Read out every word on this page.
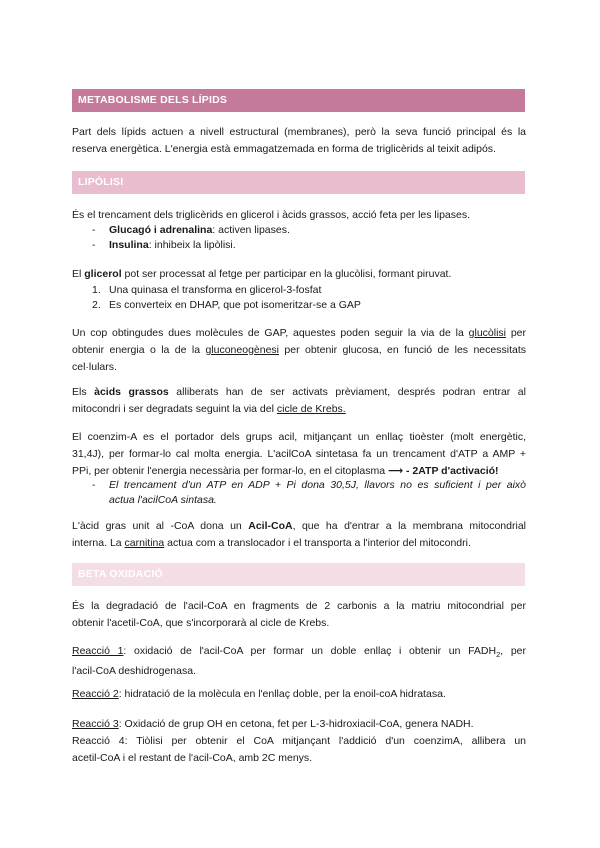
METABOLISME DELS LÍPIDS
Part dels lípids actuen a nivell estructural (membranes), però la seva funció principal és la
reserva energètica. L'energia està emmagatzemada en forma de triglicèrids al teixit adipós.
LIPÒLISI
És el trencament dels triglicèrids en glicerol i àcids grassos, acció feta per les lipases.
- Glucagó i adrenalina: activen lipases.
- Insulina: inhibeix la lipòlisi.
El glicerol pot ser processat al fetge per participar en la glucòlisi, formant piruvat.
1. Una quinasa el transforma en glicerol-3-fosfat
2. Es converteix en DHAP, que pot isomeritzar-se a GAP
Un cop obtingudes dues molècules de GAP, aquestes poden seguir la via de la glucòlisi per
obtenir energia o la de la gluconeogènesi per obtenir glucosa, en funció de les necessitats
cel·lulars.
Els àcids grassos alliberats han de ser activats prèviament, després podran entrar al
mitocondri i ser degradats seguint la via del cicle de Krebs.
El coenzim-A es el portador dels grups acil, mitjançant un enllaç tioèster (molt energètic,
31,4J), per formar-lo cal molta energia. L'acilCoA sintetasa fa un trencament d'ATP a AMP +
PPi, per obtenir l'energia necessària per formar-lo, en el citoplasma ⟶ - 2ATP d'activació!
- El trencament d'un ATP en ADP + Pi dona 30,5J, llavors no es suficient i per això
actua l'acilCoA sintasa.
L'àcid gras unit al -CoA dona un Acil-CoA, que ha d'entrar a la membrana mitocondrial
interna. La carnitina actua com a translocador i el transporta a l'interior del mitocondri.
BETA OXIDACIÓ
És la degradació de l'acil-CoA en fragments de 2 carbonis a la matriu mitocondrial per
obtenir l'acetil-CoA, que s'incorporarà al cicle de Krebs.
Reacció 1: oxidació de l'acil-CoA per formar un doble enllaç i obtenir un $FADH_2$, per
l'acil-CoA deshidrogenasa.
Reacció 2: hidratació de la molècula en l'enllaç doble, per la enoil-coA hidratasa.
Reacció 3: Oxidació de grup OH en cetona, fet per L-3-hidroxiacil-CoA, genera NADH.
Reacció 4: Tiòlisi per obtenir el CoA mitjançant l'addició d'un coenzimA, allibera un
acetil-CoA i el restant de l'acil-CoA, amb 2C menys.
